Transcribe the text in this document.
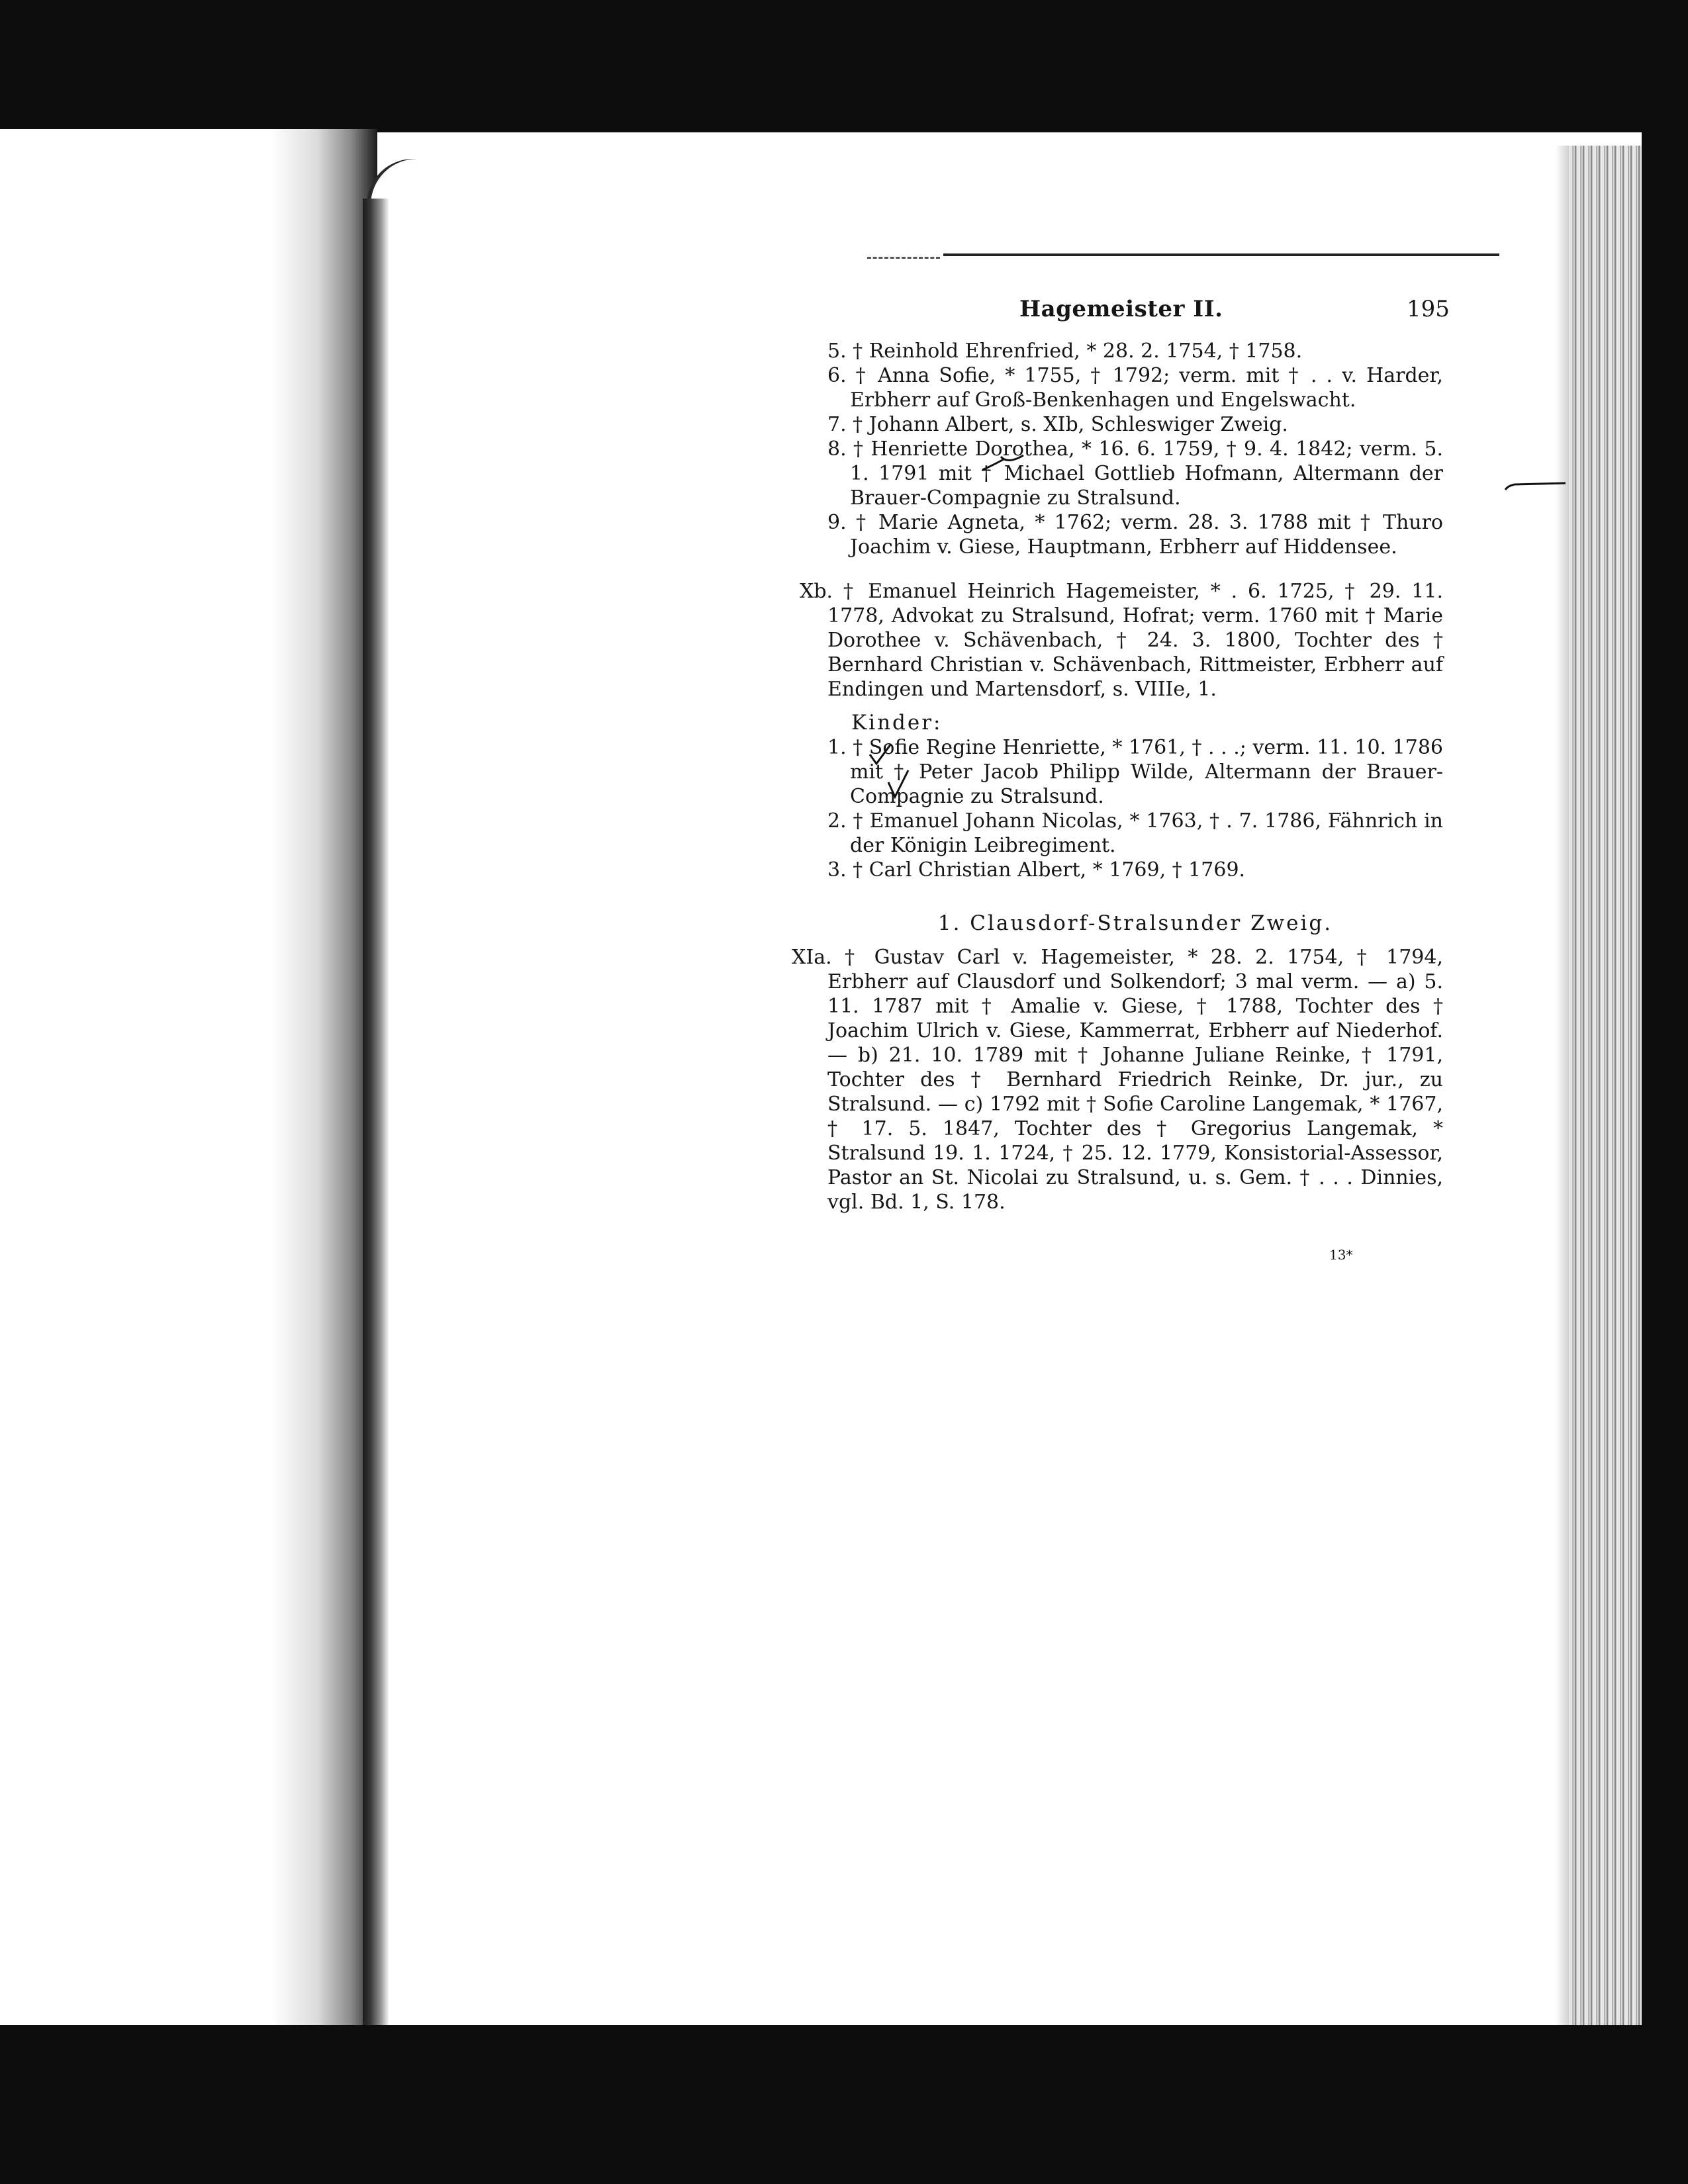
Hagemeister II.	195

5. † Reinhold Ehrenfried, * 28. 2. 1754, † 1758.

6. † Anna Sofie, * 1755, † 1792; verm. mit † . . v. Harder, Erbherr auf Groß-Benkenhagen und Engelswacht.

7. † Johann Albert, s. XIb, Schleswiger Zweig.

8. † Henriette Dorothea, * 16. 6. 1759, † 9. 4. 1842; verm. 5. 1. 1791 mit † Michael Gottlieb Hofmann, Altermann der Brauer-Compagnie zu Stralsund.

9. † Marie Agneta, * 1762; verm. 28. 3. 1788 mit † Thuro Joachim v. Giese, Hauptmann, Erbherr auf Hiddensee.

Xb. † Emanuel Heinrich Hagemeister, * . 6. 1725, † 29. 11. 1778, Advokat zu Stralsund, Hofrat; verm. 1760 mit † Marie Dorothee v. Schävenbach, † 24. 3. 1800, Tochter des † Bernhard Christian v. Schävenbach, Rittmeister, Erbherr auf Endingen und Martensdorf, s. VIIIe, 1.

Kinder:

1. † Sofie Regine Henriette, * 1761, † . . .; verm. 11. 10. 1786 mit † Peter Jacob Philipp Wilde, Altermann der Brauer-Compagnie zu Stralsund.

2. † Emanuel Johann Nicolas, * 1763, † . 7. 1786, Fähnrich in der Königin Leibregiment.

3. † Carl Christian Albert, * 1769, † 1769.

1. Clausdorf-Stralsunder Zweig.

XIa. † Gustav Carl v. Hagemeister, * 28. 2. 1754, † 1794, Erbherr auf Clausdorf und Solkendorf; 3 mal verm. — a) 5. 11. 1787 mit † Amalie v. Giese, † 1788, Tochter des † Joachim Ulrich v. Giese, Kammerrat, Erbherr auf Niederhof. — b) 21. 10. 1789 mit † Johanne Juliane Reinke, † 1791, Tochter des † Bernhard Friedrich Reinke, Dr. jur., zu Stralsund. — c) 1792 mit † Sofie Caroline Langemak, * 1767, † 17. 5. 1847, Tochter des † Gregorius Langemak, * Stralsund 19. 1. 1724, † 25. 12. 1779, Konsistorial-Assessor, Pastor an St. Nicolai zu Stralsund, u. s. Gem. † . . . Dinnies, vgl. Bd. 1, S. 178.

13*
